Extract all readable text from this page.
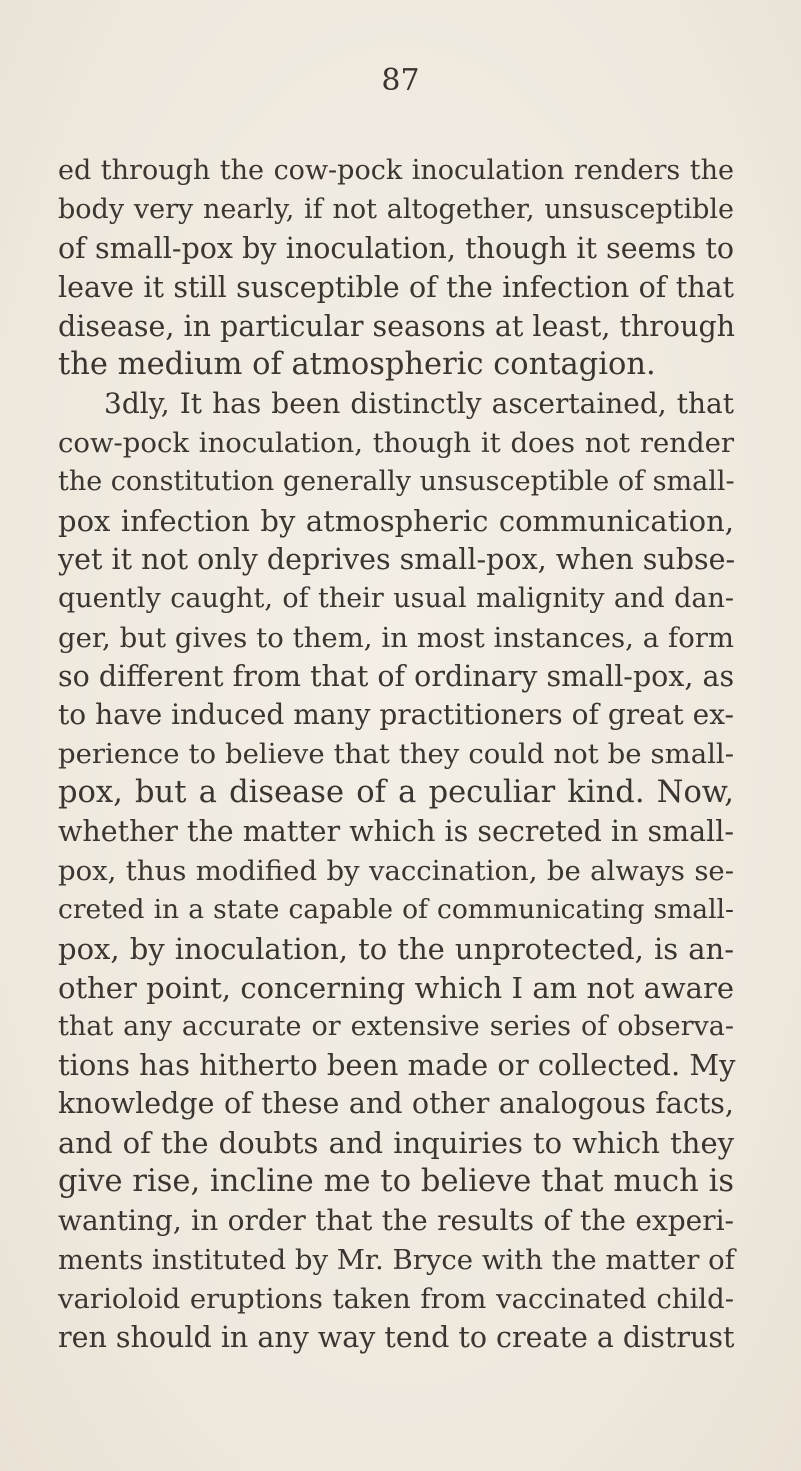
87
ed through the cow-pock inoculation renders the
body very nearly, if not altogether, unsusceptible
of small-pox by inoculation, though it seems to
leave it still susceptible of the infection of that
disease, in particular seasons at least, through
the medium of atmospheric contagion.
3dly, It has been distinctly ascertained, that
cow-pock inoculation, though it does not render
the constitution generally unsusceptible of small-
pox infection by atmospheric communication,
yet it not only deprives small-pox, when subse-
quently caught, of their usual malignity and dan-
ger, but gives to them, in most instances, a form
so different from that of ordinary small-pox, as
to have induced many practitioners of great ex-
perience to believe that they could not be small-
pox, but a disease of a peculiar kind. Now,
whether the matter which is secreted in small-
pox, thus modified by vaccination, be always se-
creted in a state capable of communicating small-
pox, by inoculation, to the unprotected, is an-
other point, concerning which I am not aware
that any accurate or extensive series of observa-
tions has hitherto been made or collected. My
knowledge of these and other analogous facts,
and of the doubts and inquiries to which they
give rise, incline me to believe that much is
wanting, in order that the results of the experi-
ments instituted by Mr. Bryce with the matter of
varioloid eruptions taken from vaccinated child-
ren should in any way tend to create a distrust
